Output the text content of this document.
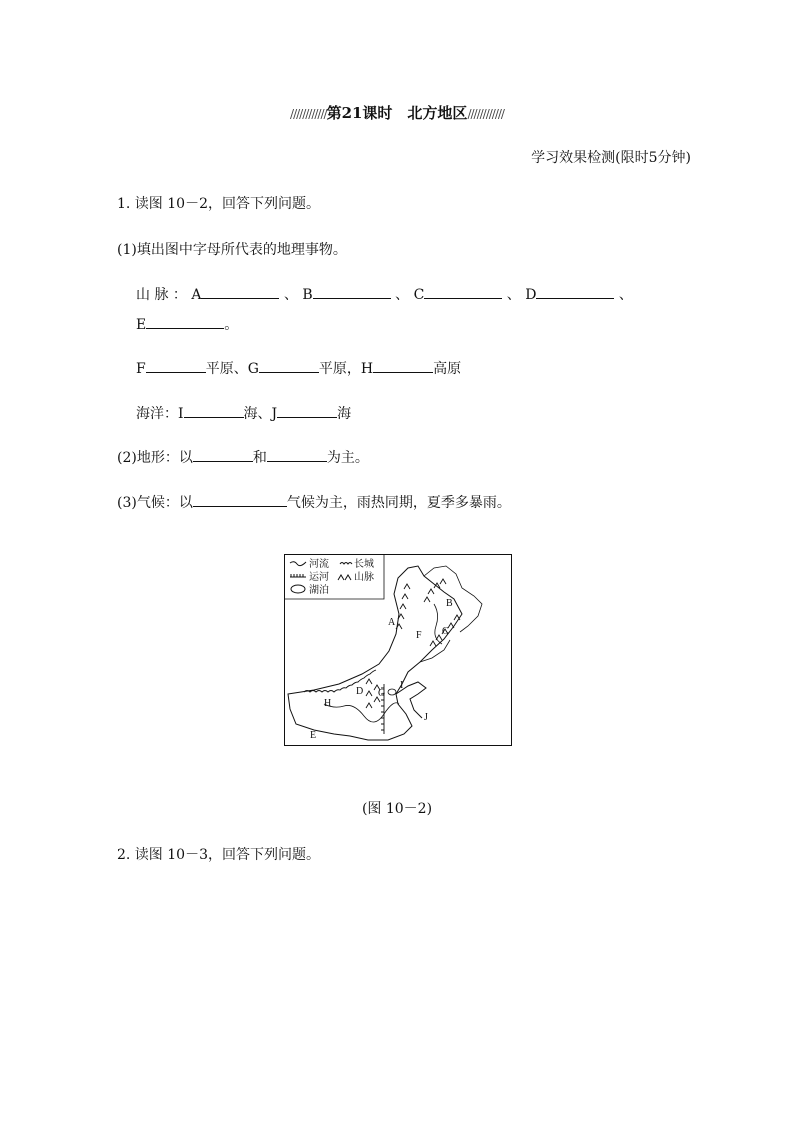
////////////第21课时　北方地区////////////
学习效果检测(限时5分钟)
1. 读图 10－2，回答下列问题。
(1)填出图中字母所代表的地理事物。
山 脉 ： A	、 B	、 C	、 D	、
E	。
F	平原、G	平原，H	高原
海洋：I	海、J	海
(2)地形：以	和	为主。
(3)气候：以	气候为主，雨热同期，夏季多暴雨。
河流	长城
运河	山脉
湖泊
A
B
C
D
E
F
G
H
I
J
(图 10－2)
2. 读图 10－3，回答下列问题。
